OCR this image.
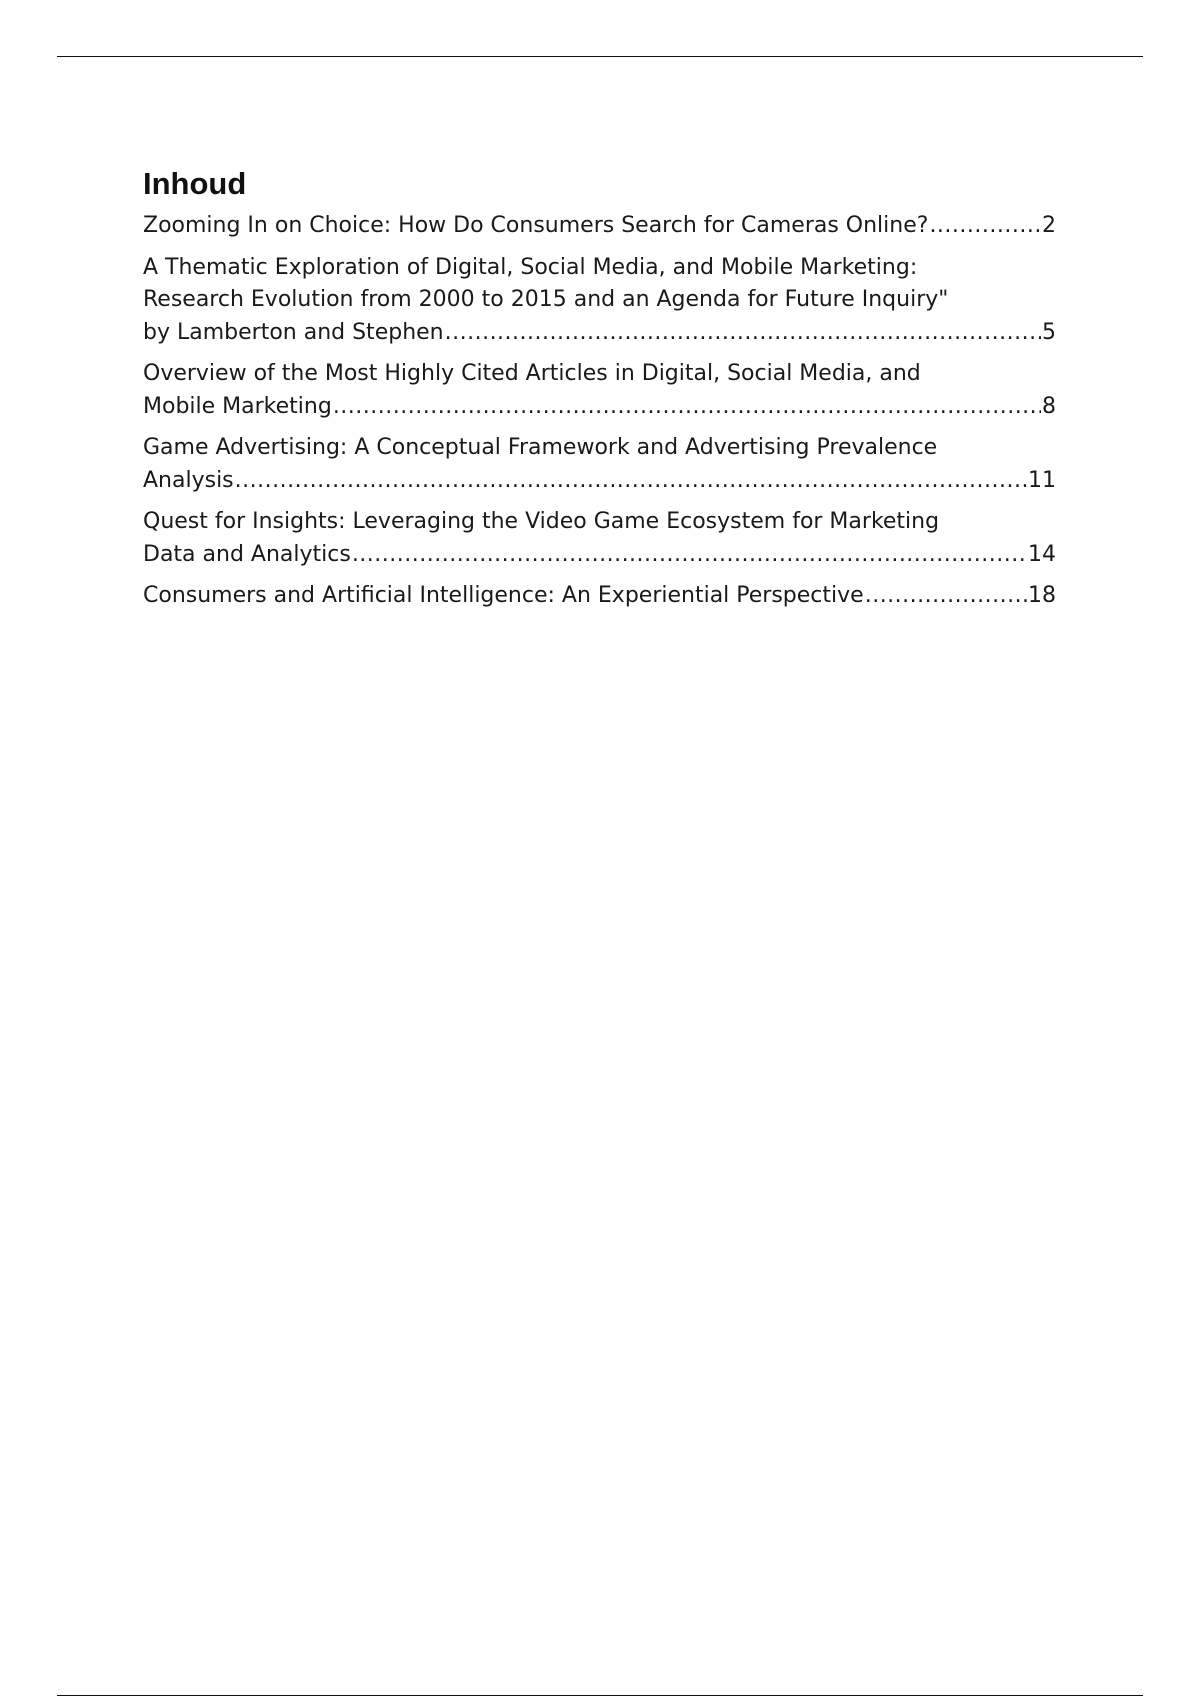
Inhoud
Zooming In on Choice: How Do Consumers Search for Cameras Online? .....	2
A Thematic Exploration of Digital, Social Media, and Mobile Marketing:
Research Evolution from 2000 to 2015 and an Agenda for Future Inquiry"
by Lamberton and Stephen .....	5
Overview of the Most Highly Cited Articles in Digital, Social Media, and
Mobile Marketing .....	8
Game Advertising: A Conceptual Framework and Advertising Prevalence
Analysis .....	11
Quest for Insights: Leveraging the Video Game Ecosystem for Marketing
Data and Analytics .....	14
Consumers and Artificial Intelligence: An Experiential Perspective .....	18
